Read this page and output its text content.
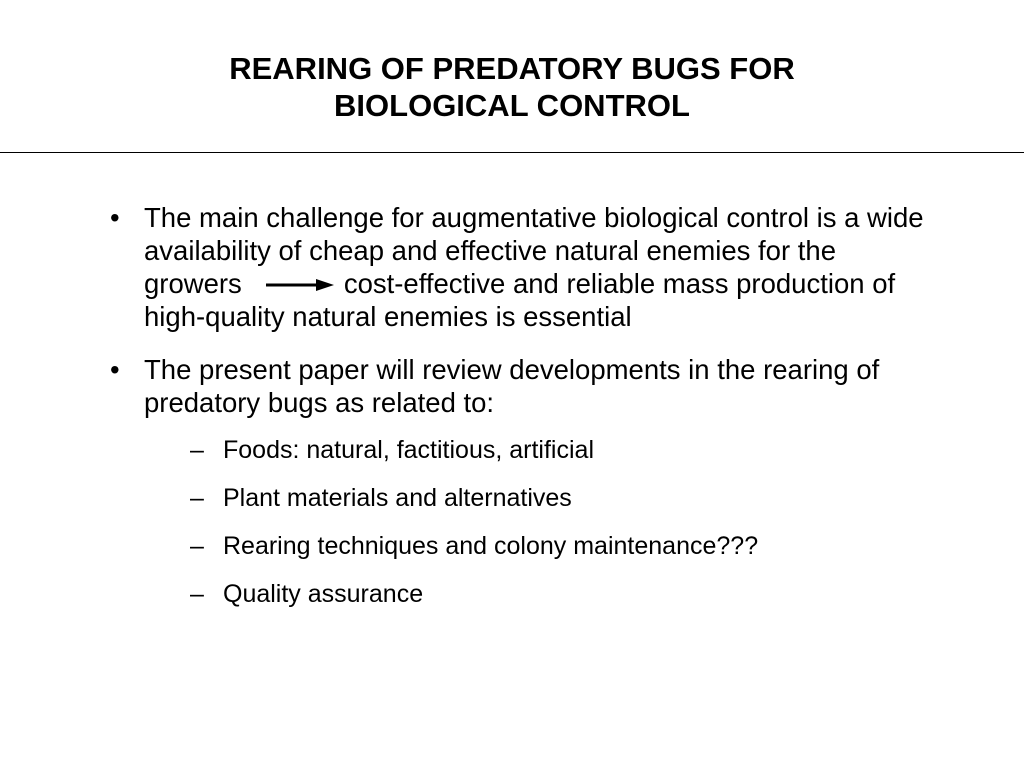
REARING OF PREDATORY BUGS FOR
BIOLOGICAL CONTROL
• The main challenge for augmentative biological control is a wide availability of cheap and effective natural enemies for the growers	cost-effective and reliable mass production of high-quality natural enemies is essential
• The present paper will review developments in the rearing of predatory bugs as related to:
– Foods: natural, factitious, artificial
– Plant materials and alternatives
– Rearing techniques and colony maintenance???
– Quality assurance
